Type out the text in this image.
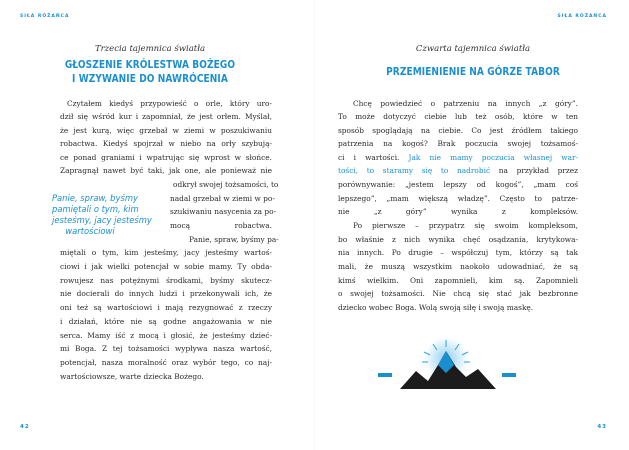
SIŁA RÓŻAŃCA
Trzecia tajemnica światła
GŁOSZENIE KRÓLESTWA BOŻEGO
I WZYWANIE DO NAWRÓCENIA
Panie, spraw, byśmy
pamiętali o tym, kim
jesteśmy, jacy jesteśmy
wartościowi
Czytałem kiedyś przypowieść o orle, który uro-
dził się wśród kur i zapomniał, że jest orłem. Myślał,
że jest kurą, więc grzebał w ziemi w poszukiwaniu
robactwa. Kiedyś spojrzał w niebo na orły szybują-
ce ponad graniami i wpatrując się wprost w słońce.
Zapragnął nawet być taki, jak one, ale ponieważ nie
odkrył swojej tożsamości, to
nadal grzebał w ziemi w po-
szukiwaniu nasycenia za po-
mocą robactwa.
Panie, spraw, byśmy pa-
miętali o tym, kim jesteśmy, jacy jesteśmy wartoś-
ciowi i jak wielki potencjał w sobie mamy. Ty obda-
rowujesz nas potężnymi środkami, byśmy skutecz-
nie docierali do innych ludzi i przekonywali ich, że
oni też są wartościowi i mają rezygnować z rzeczy
i działań, które nie są godne angażowania w nie
serca. Mamy iść z mocą i głosić, że jesteśmy dzieć-
mi Boga. Z tej tożsamości wypływa nasza wartość,
potencjał, nasza moralność oraz wybór tego, co naj-
wartościowsze, warte dziecka Bożego.
42
SIŁA RÓŻAŃCA
Czwarta tajemnica światła
PRZEMIENIENIE NA GÓRZE TABOR
Chcę powiedzieć o patrzeniu na innych „z góry”.
To może dotyczyć ciebie lub też osób, które w ten
sposób spoglądają na ciebie. Co jest źródłem takiego
patrzenia na kogoś? Brak poczucia swojej tożsamoś-
ci i wartości. Jak nie mamy poczucia własnej war-
tości, to staramy się to nadrobić na przykład przez
porównywanie: „jestem lepszy od kogoś”, „mam coś
lepszego”, „mam większą władzę”. Często to patrze-
nie „z góry” wynika z kompleksów.
Po pierwsze – przypatrz się swoim kompleksom,
bo właśnie z nich wynika chęć osądzania, krytykowa-
nia innych. Po drugie – współczuj tym, którzy są tak
mali, że muszą wszystkim naokoło udowadniać, że są
kimś wielkim. Oni zapomnieli, kim są. Zapomnieli
o swojej tożsamości. Nie chcą się stać jak bezbronne
dziecko wobec Boga. Wolą swoją siłę i swoją maskę.
43
